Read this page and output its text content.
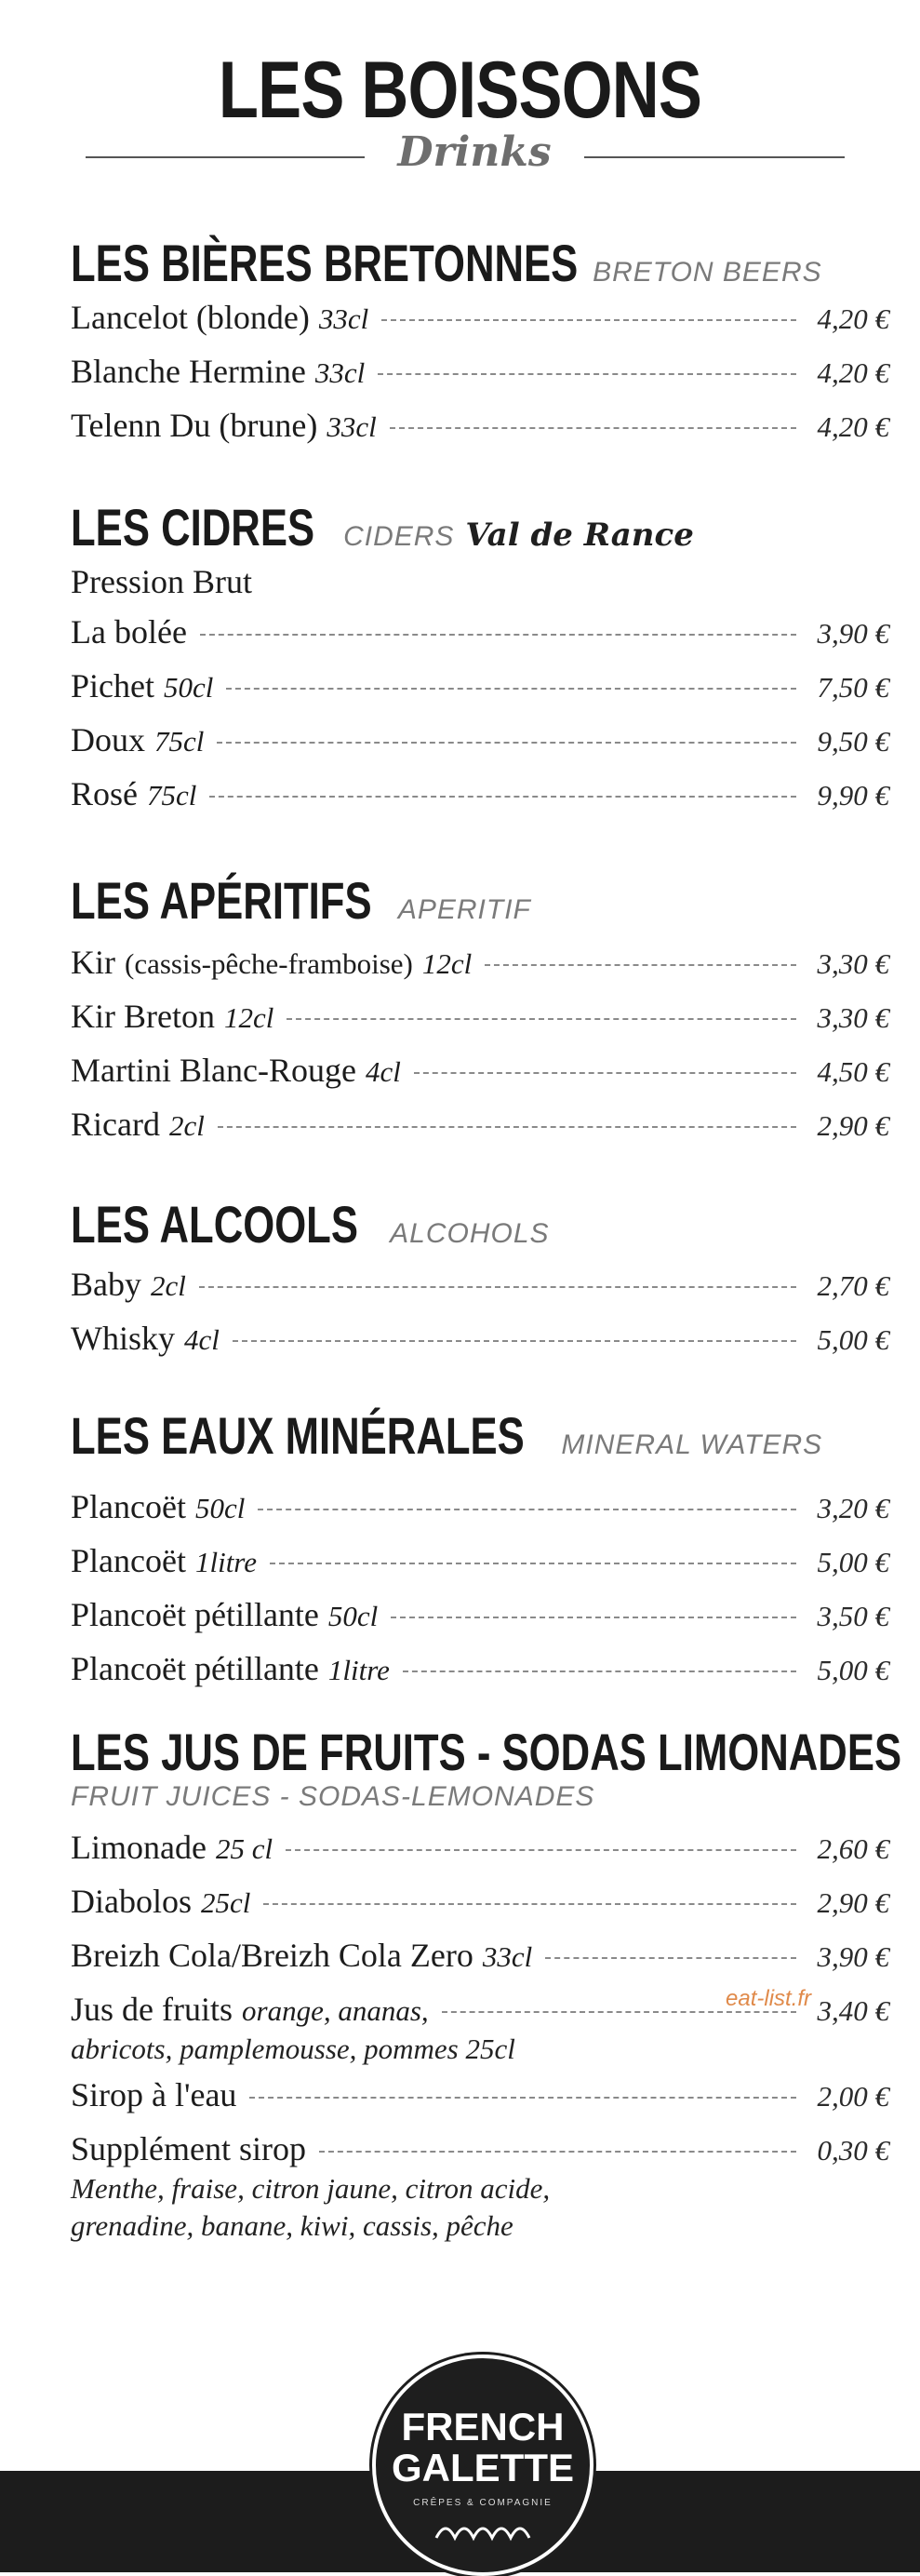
LES BOISSONS
Drinks
LES BIÈRES BRETONNES BRETON BEERS
Lancelot (blonde) 33cl	4,20 €
Blanche Hermine 33cl	4,20 €
Telenn Du (brune) 33cl	4,20 €
LES CIDRES CIDERS Val de Rance
Pression Brut
La bolée	3,90 €
Pichet 50cl	7,50 €
Doux 75cl	9,50 €
Rosé 75cl	9,90 €
LES APÉRITIFS APERITIF
Kir (cassis-pêche-framboise) 12cl	3,30 €
Kir Breton 12cl	3,30 €
Martini Blanc-Rouge 4cl	4,50 €
Ricard 2cl	2,90 €
LES ALCOOLS ALCOHOLS
Baby 2cl	2,70 €
Whisky 4cl	5,00 €
LES EAUX MINÉRALES MINERAL WATERS
Plancoët 50cl	3,20 €
Plancoët 1litre	5,00 €
Plancoët pétillante 50cl	3,50 €
Plancoët pétillante 1litre	5,00 €
LES JUS DE FRUITS - SODAS LIMONADES
FRUIT JUICES - SODAS-LEMONADES
Limonade 25 cl	2,60 €
Diabolos 25cl	2,90 €
Breizh Cola/Breizh Cola Zero 33cl	3,90 €
Jus de fruits orange, ananas,	3,40 €
abricots, pamplemousse, pommes 25cl
Sirop à l'eau	2,00 €
Supplément sirop	0,30 €
Menthe, fraise, citron jaune, citron acide, grenadine, banane, kiwi, cassis, pêche
eat-list.fr
FRENCH
GALETTE
CRÊPES & COMPAGNIE
